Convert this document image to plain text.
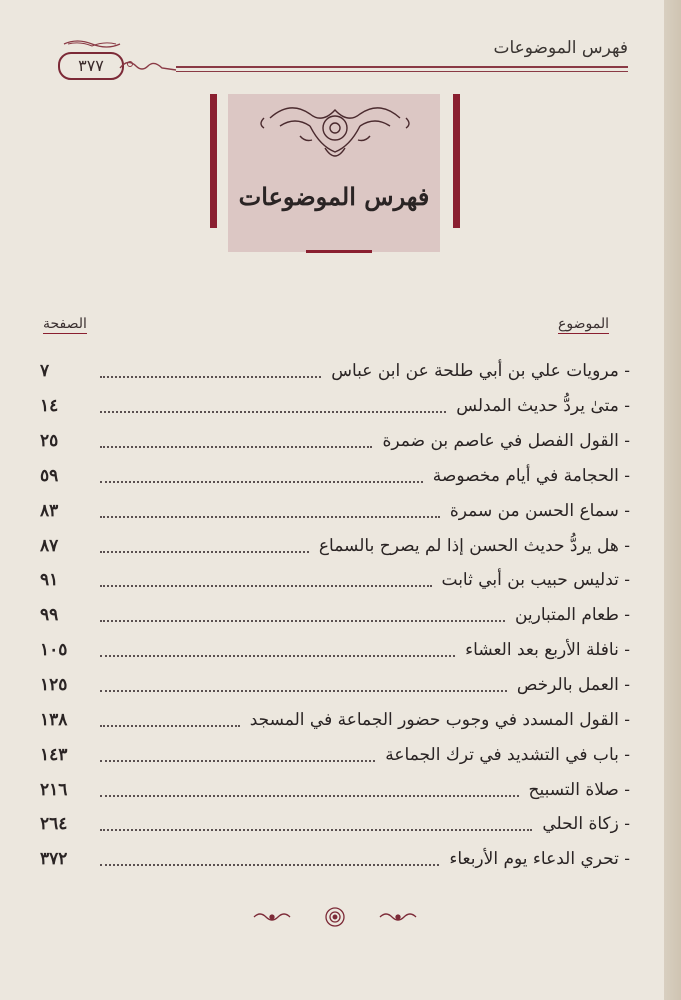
٣٧٧
فهرس الموضوعات
فهرس الموضوعات
الموضوع
الصفحة
- مرويات علي بن أبي طلحة عن ابن عباس
٧
- متىٰ يردُّ حديث المدلس
١٤
- القول الفصل في عاصم بن ضمرة
٢٥
- الحجامة في أيام مخصوصة
٥٩
- سماع الحسن من سمرة
٨٣
- هل يردُّ حديث الحسن إذا لم يصرح بالسماع
٨٧
- تدليس حبيب بن أبي ثابت
٩١
- طعام المتبارين
٩٩
- نافلة الأربع بعد العشاء
١٠٥
- العمل بالرخص
١٢٥
- القول المسدد في وجوب حضور الجماعة في المسجد
١٣٨
- باب في التشديد في ترك الجماعة
١٤٣
- صلاة التسبيح
٢١٦
- زكاة الحلي
٢٦٤
- تحري الدعاء يوم الأربعاء
٣٧٢
